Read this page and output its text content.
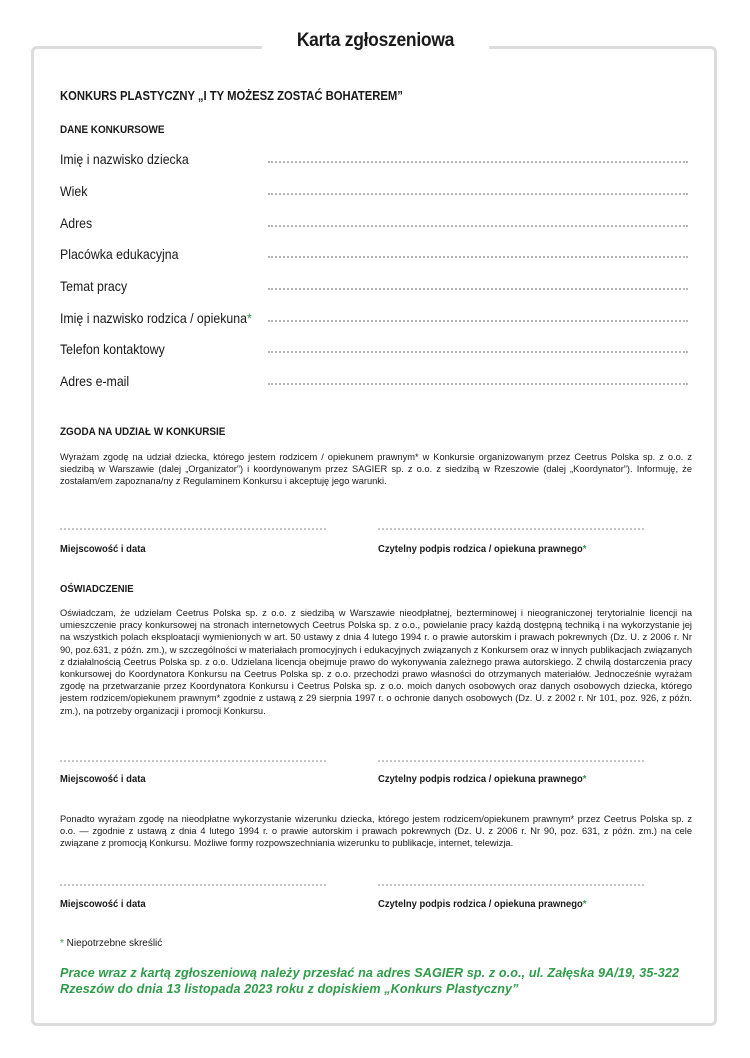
Karta zgłoszeniowa
KONKURS PLASTYCZNY „I TY MOŻESZ ZOSTAĆ BOHATEREM”
DANE KONKURSOWE
Imię i nazwisko dziecka
Wiek
Adres
Placówka edukacyjna
Temat pracy
Imię i nazwisko rodzica / opiekuna*
Telefon kontaktowy
Adres e-mail
ZGODA NA UDZIAŁ W KONKURSIE
Wyrażam zgodę na udział dziecka, którego jestem rodzicem / opiekunem prawnym* w Konkursie organizowanym przez Ceetrus Polska sp. z o.o. z siedzibą w Warszawie (dalej „Organizator”) i koordynowanym przez SAGIER sp. z o.o. z siedzibą w Rzeszowie (dalej „Koordynator”). Informuję, że zostałam/em zapoznana/ny z Regulaminem Konkursu i akceptuję jego warunki.
Miejscowość i data	Czytelny podpis rodzica / opiekuna prawnego*
OŚWIADCZENIE
Oświadczam, że udzielam Ceetrus Polska sp. z o.o. z siedzibą w Warszawie nieodpłatnej, bezterminowej i nieograniczonej terytorialnie licencji na umieszczenie pracy konkursowej na stronach internetowych Ceetrus Polska sp. z o.o., powielanie pracy każdą dostępną techniką i na wykorzystanie jej na wszystkich polach eksploatacji wymienionych w art. 50 ustawy z dnia 4 lutego 1994 r. o prawie autorskim i prawach pokrewnych (Dz. U. z 2006 r. Nr 90, poz.631, z późn. zm.), w szczególności w materiałach promocyjnych i edukacyjnych związanych z Konkursem oraz w innych publikacjach związanych z działalnością Ceetrus Polska sp. z o.o. Udzielana licencja obejmuje prawo do wykonywania zależnego prawa autorskiego. Z chwilą dostarczenia pracy konkursowej do Koordynatora Konkursu na Ceetrus Polska sp. z o.o. przechodzi prawo własności do otrzymanych materiałów. Jednocześnie wyrażam zgodę na przetwarzanie przez Koordynatora Konkursu i Ceetrus Polska sp. z o.o. moich danych osobowych oraz danych osobowych dziecka, którego jestem rodzicem/opiekunem prawnym* zgodnie z ustawą z 29 sierpnia 1997 r. o ochronie danych osobowych (Dz. U. z 2002 r. Nr 101, poz. 926, z późn. zm.), na potrzeby organizacji i promocji Konkursu.
Miejscowość i data	Czytelny podpis rodzica / opiekuna prawnego*
Ponadto wyrażam zgodę na nieodpłatne wykorzystanie wizerunku dziecka, którego jestem rodzicem/opiekunem prawnym* przez Ceetrus Polska sp. z o.o. — zgodnie z ustawą z dnia 4 lutego 1994 r. o prawie autorskim i prawach pokrewnych (Dz. U. z 2006 r. Nr 90, poz. 631, z późn. zm.) na cele związane z promocją Konkursu. Możliwe formy rozpowszechniania wizerunku to publikacje, internet, telewizja.
Miejscowość i data	Czytelny podpis rodzica / opiekuna prawnego*
* Niepotrzebne skreślić
Prace wraz z kartą zgłoszeniową należy przesłać na adres SAGIER sp. z o.o., ul. Załęska 9A/19, 35-322 Rzeszów do dnia 13 listopada 2023 roku z dopiskiem „Konkurs Plastyczny”
